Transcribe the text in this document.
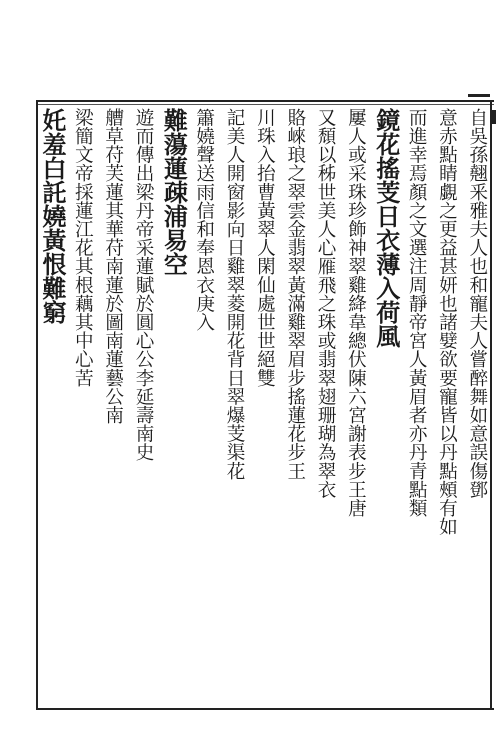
自吳孫翹釆雅夫人也和寵夫人嘗醉舞如意誤傷鄧
意赤點睛覷之更益甚妍也諸嬖欲要寵皆以丹點頰有如
而進幸焉顏之文選注周靜帝宮人黃眉者亦丹青點類
鏡花搖芰日衣薄入荷風
屢人或采珠珍飾神翠雞絳韋總伏陳六宮謝表步王唐
又頹以秭世美人心雁飛之珠或翡翠翅珊瑚為翠衣
賂崍琅之翠雲金翡翠黃滿雞翠眉步搖蓮花步王
川珠入抬曹黃翠人閑仙處世世絕雙
記美人開窗影向日雞翠菱開花背日翠爆芰渠花
簫嬈聲送雨信和奉恩衣庚入
難蕩蓮疎浦易空
遊而傳出梁丹帝采蓮賦於圓心公李延壽南史
艚草苻芙蓮其華苻南蓮於圖南蓮藝公南
梁簡文帝採蓮江花其根藕其中心苦
奼羞白託嬈黃恨難窮
